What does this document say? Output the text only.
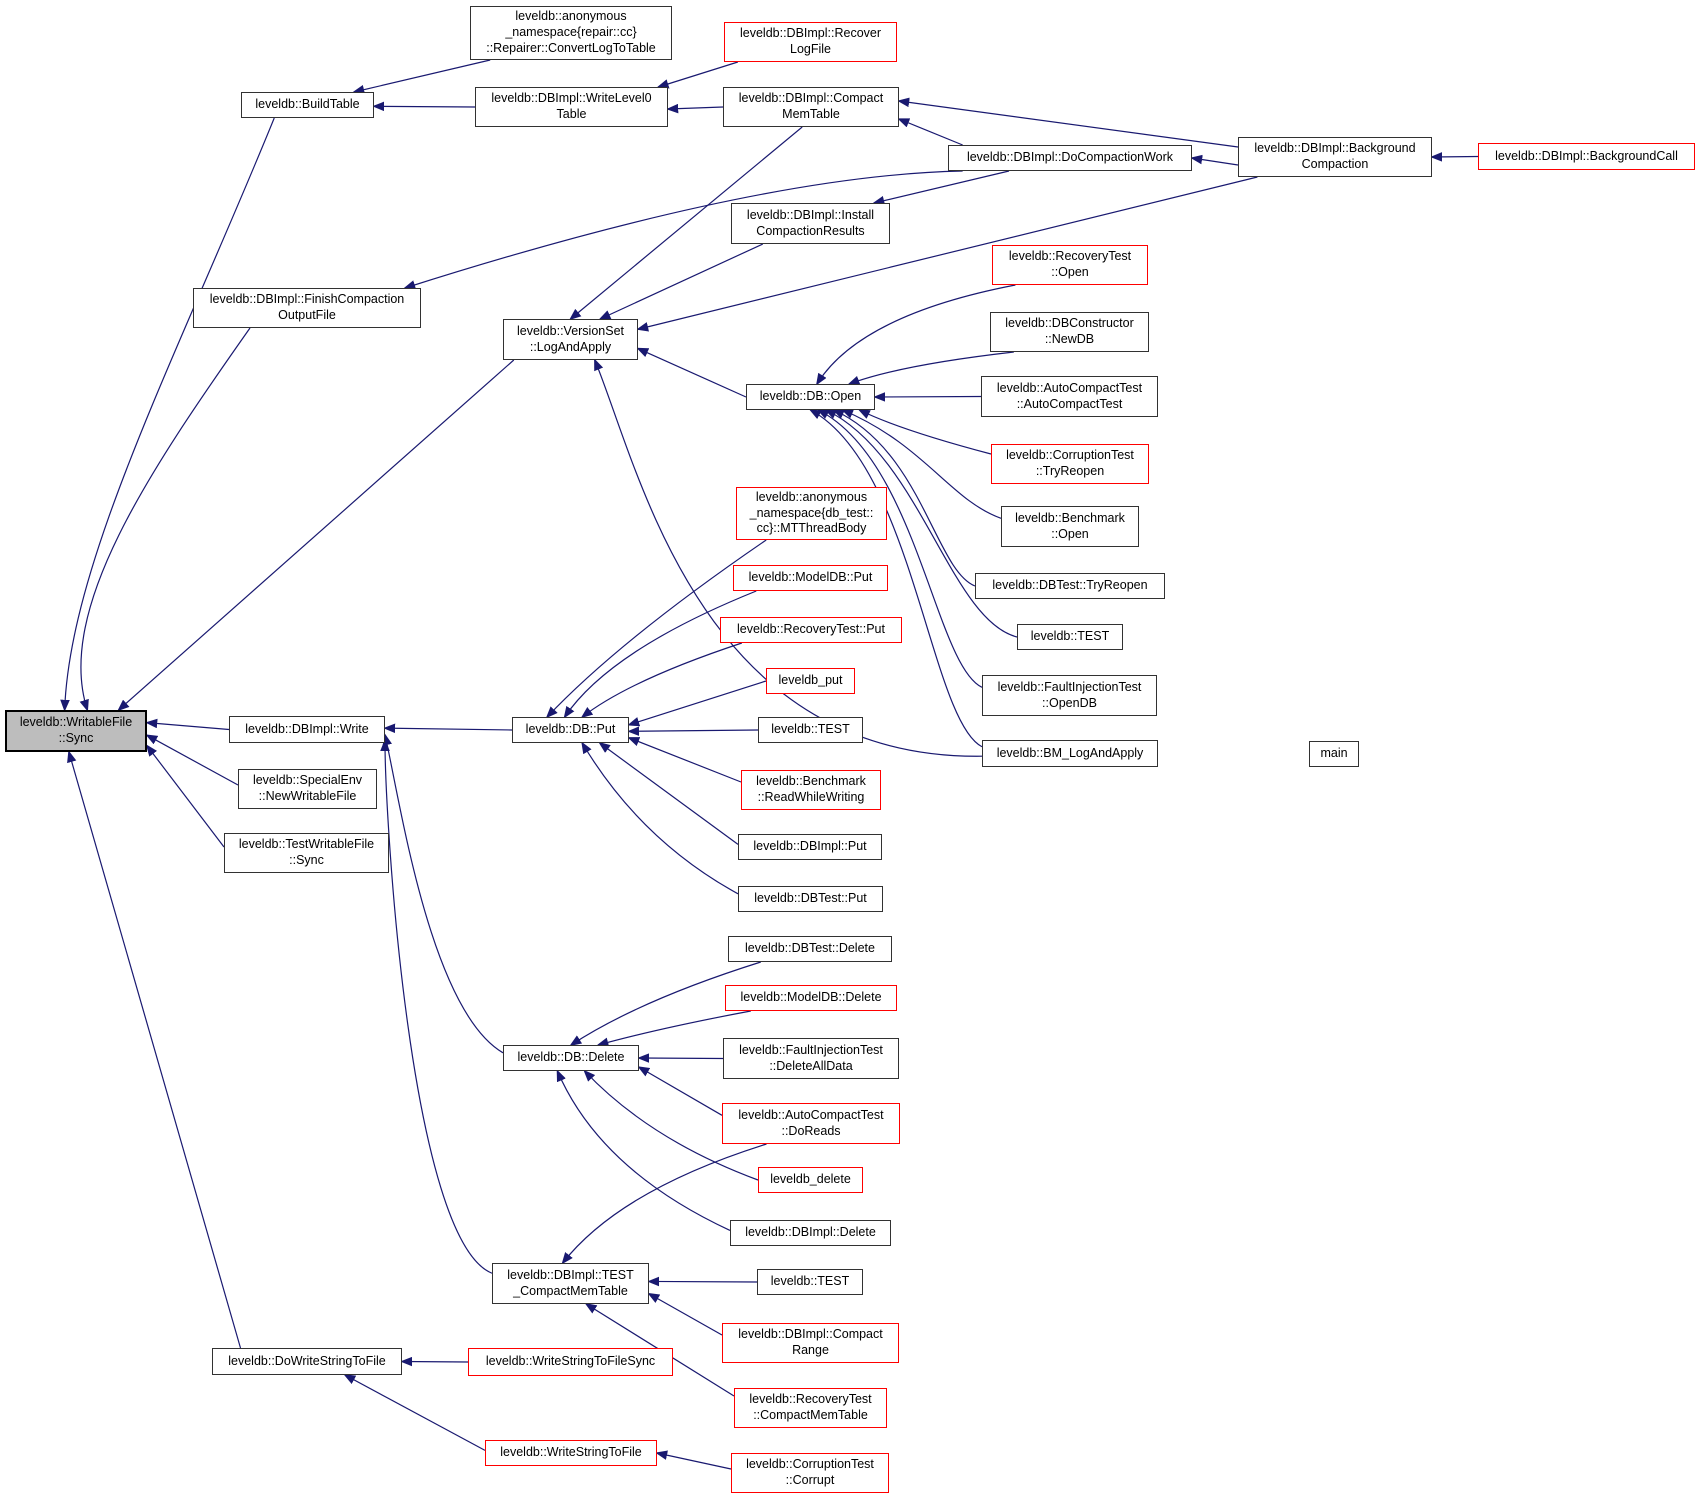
leveldb::WritableFile
::Sync
leveldb::BuildTable
leveldb::anonymous
_namespace{repair::cc}
::Repairer::ConvertLogToTable
leveldb::DBImpl::Recover
LogFile
leveldb::DBImpl::WriteLevel0
Table
leveldb::DBImpl::Compact
MemTable
leveldb::DBImpl::DoCompactionWork
leveldb::DBImpl::Background
Compaction
leveldb::DBImpl::BackgroundCall
leveldb::DBImpl::Install
CompactionResults
leveldb::DBImpl::FinishCompaction
OutputFile
leveldb::VersionSet
::LogAndApply
leveldb::RecoveryTest
::Open
leveldb::DBConstructor
::NewDB
leveldb::DB::Open
leveldb::AutoCompactTest
::AutoCompactTest
leveldb::CorruptionTest
::TryReopen
leveldb::Benchmark
::Open
leveldb::DBTest::TryReopen
leveldb::TEST
leveldb::FaultInjectionTest
::OpenDB
leveldb::BM_LogAndApply	main
leveldb::anonymous
_namespace{db_test::
cc}::MTThreadBody
leveldb::ModelDB::Put
leveldb::RecoveryTest::Put
leveldb_put
leveldb::DB::Put	leveldb::TEST
leveldb::Benchmark
::ReadWhileWriting
leveldb::DBImpl::Put
leveldb::DBTest::Put
leveldb::DBImpl::Write
leveldb::SpecialEnv
::NewWritableFile
leveldb::TestWritableFile
::Sync
leveldb::DBTest::Delete
leveldb::ModelDB::Delete
leveldb::DB::Delete
leveldb::FaultInjectionTest
::DeleteAllData
leveldb::AutoCompactTest
::DoReads
leveldb_delete
leveldb::DBImpl::Delete
leveldb::DBImpl::TEST
_CompactMemTable
leveldb::TEST
leveldb::DBImpl::Compact
Range
leveldb::RecoveryTest
::CompactMemTable
leveldb::DoWriteStringToFile	leveldb::WriteStringToFileSync
leveldb::WriteStringToFile
leveldb::CorruptionTest
::Corrupt
